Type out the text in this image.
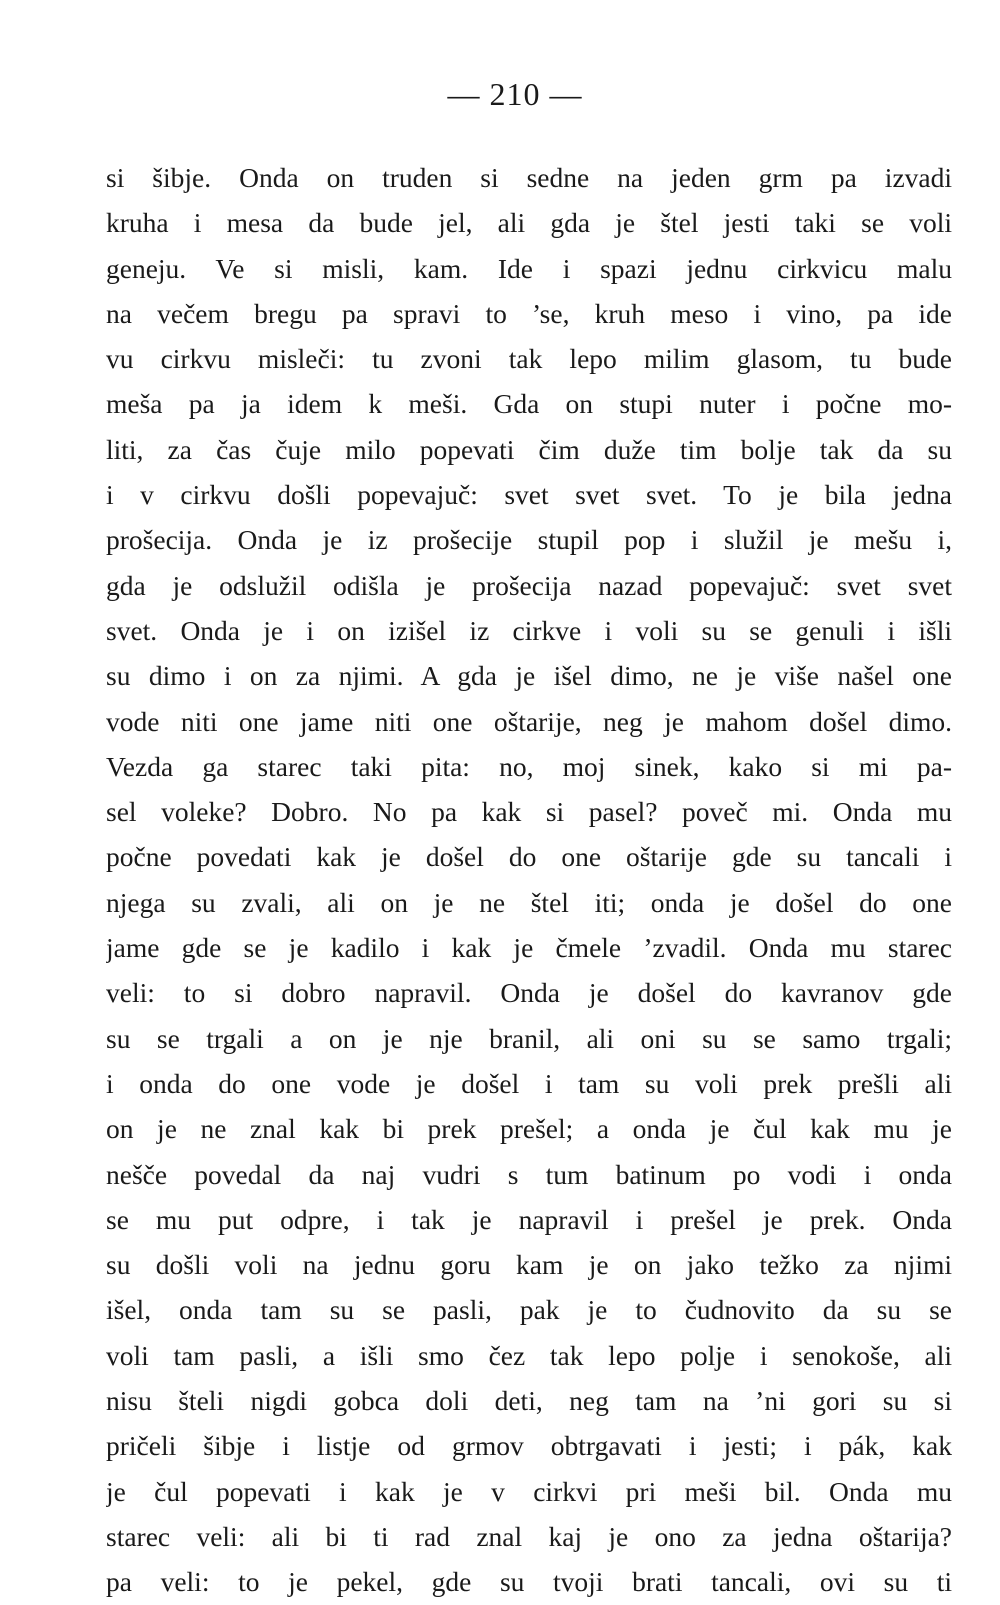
— 210 —
si šibje. Onda on truden si sedne na jeden grm pa izvadi
kruha i mesa da bude jel, ali gda je štel jesti taki se voli
geneju. Ve si misli, kam. Ide i spazi jednu cirkvicu malu
na večem bregu pa spravi to ’se, kruh meso i vino, pa ide
vu cirkvu misleči: tu zvoni tak lepo milim glasom, tu bude
meša pa ja idem k meši. Gda on stupi nuter i počne mo-
liti, za čas čuje milo popevati čim duže tim bolje tak da su
i v cirkvu došli popevajuč: svet svet svet. To je bila jedna
prošecija. Onda je iz prošecije stupil pop i služil je mešu i,
gda je odslužil odišla je prošecija nazad popevajuč: svet svet
svet. Onda je i on izišel iz cirkve i voli su se genuli i išli
su dimo i on za njimi. A gda je išel dimo, ne je više našel one
vode niti one jame niti one oštarije, neg je mahom došel dimo.
Vezda ga starec taki pita: no, moj sinek, kako si mi pa-
sel voleke? Dobro. No pa kak si pasel? poveč mi. Onda mu
počne povedati kak je došel do one oštarije gde su tancali i
njega su zvali, ali on je ne štel iti; onda je došel do one
jame gde se je kadilo i kak je čmele ’zvadil. Onda mu starec
veli: to si dobro napravil. Onda je došel do kavranov gde
su se trgali a on je nje branil, ali oni su se samo trgali;
i onda do one vode je došel i tam su voli prek prešli ali
on je ne znal kak bi prek prešel; a onda je čul kak mu je
nešče povedal da naj vudri s tum batinum po vodi i onda
se mu put odpre, i tak je napravil i prešel je prek. Onda
su došli voli na jednu goru kam je on jako težko za njimi
išel, onda tam su se pasli, pak je to čudnovito da su se
voli tam pasli, a išli smo čez tak lepo polje i senokoše, ali
nisu šteli nigdi gobca doli deti, neg tam na ’ni gori su si
pričeli šibje i listje od grmov obtrgavati i jesti; i pák, kak
je čul popevati i kak je v cirkvi pri meši bil. Onda mu
starec veli: ali bi ti rad znal kaj je ono za jedna oštarija?
pa veli: to je pekel, gde su tvoji brati tancali, ovi su ti
